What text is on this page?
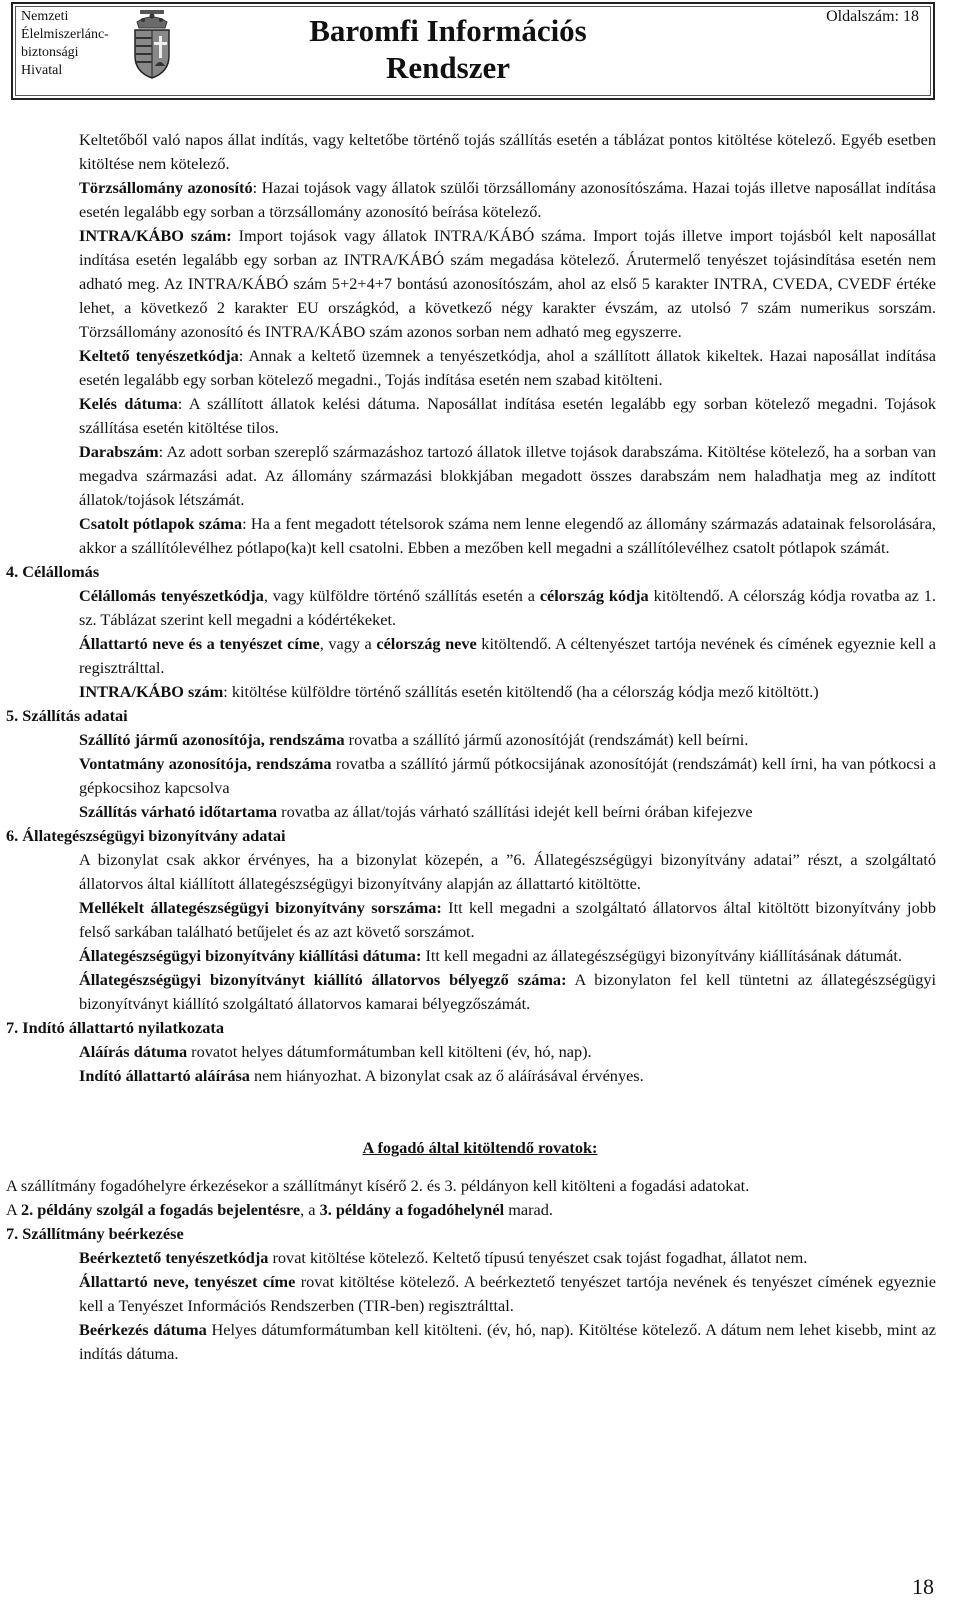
Nemzeti
Élelmiszerlánc-
biztonsági
Hivatal
Baromfi Információs
Rendszer
Oldalszám: 18

Keltetőből való napos állat indítás, vagy keltetőbe történő tojás szállítás esetén a táblázat pontos kitöltése kötelező. Egyéb esetben kitöltése nem kötelező.

Törzsállomány azonosító: Hazai tojások vagy állatok szülői törzsállomány azonosítószáma. Hazai tojás illetve naposállat indítása esetén legalább egy sorban a törzsállomány azonosító beírása kötelező.

INTRA/KÁBO szám: Import tojások vagy állatok INTRA/KÁBÓ száma. Import tojás illetve import tojásból kelt naposállat indítása esetén legalább egy sorban az INTRA/KÁBÓ szám megadása kötelező. Árutermelő tenyészet tojásindítása esetén nem adható meg. Az INTRA/KÁBÓ szám 5+2+4+7 bontású azonosítószám, ahol az első 5 karakter INTRA, CVEDA, CVEDF értéke lehet, a következő 2 karakter EU országkód, a következő négy karakter évszám, az utolsó 7 szám numerikus sorszám. Törzsállomány azonosító és INTRA/KÁBO szám azonos sorban nem adható meg egyszerre.

Keltető tenyészetkódja: Annak a keltető üzemnek a tenyészetkódja, ahol a szállított állatok kikeltek. Hazai naposállat indítása esetén legalább egy sorban kötelező megadni., Tojás indítása esetén nem szabad kitölteni.

Kelés dátuma: A szállított állatok kelési dátuma. Naposállat indítása esetén legalább egy sorban kötelező megadni. Tojások szállítása esetén kitöltése tilos.

Darabszám: Az adott sorban szereplő származáshoz tartozó állatok illetve tojások darabszáma. Kitöltése kötelező, ha a sorban van megadva származási adat. Az állomány származási blokkjában megadott összes darabszám nem haladhatja meg az indított állatok/tojások létszámát.

Csatolt pótlapok száma: Ha a fent megadott tételsorok száma nem lenne elegendő az állomány származás adatainak felsorolására, akkor a szállítólevélhez pótlapo(ka)t kell csatolni. Ebben a mezőben kell megadni a szállítólevélhez csatolt pótlapok számát.

4. Célállomás

Célállomás tenyészetkódja, vagy külföldre történő szállítás esetén a célország kódja kitöltendő. A célország kódja rovatba az 1. sz. Táblázat szerint kell megadni a kódértékeket.

Állattartó neve és a tenyészet címe, vagy a célország neve kitöltendő. A céltenyészet tartója nevének és címének egyeznie kell a regisztrálttal.

INTRA/KÁBO szám: kitöltése külföldre történő szállítás esetén kitöltendő (ha a célország kódja mező kitöltött.)

5. Szállítás adatai

Szállító jármű azonosítója, rendszáma rovatba a szállító jármű azonosítóját (rendszámát) kell beírni.

Vontatmány azonosítója, rendszáma rovatba a szállító jármű pótkocsijának azonosítóját (rendszámát) kell írni, ha van pótkocsi a gépkocsihoz kapcsolva

Szállítás várható időtartama rovatba az állat/tojás várható szállítási idejét kell beírni órában kifejezve

6. Állategészségügyi bizonyítvány adatai

A bizonylat csak akkor érvényes, ha a bizonylat közepén, a ”6. Állategészségügyi bizonyítvány adatai” részt, a szolgáltató állatorvos által kiállított állategészségügyi bizonyítvány alapján az állattartó kitöltötte.

Mellékelt állategészségügyi bizonyítvány sorszáma: Itt kell megadni a szolgáltató állatorvos által kitöltött bizonyítvány jobb felső sarkában található betűjelet és az azt követő sorszámot.

Állategészségügyi bizonyítvány kiállítási dátuma: Itt kell megadni az állategészségügyi bizonyítvány kiállításának dátumát.

Állategészségügyi bizonyítványt kiállító állatorvos bélyegző száma: A bizonylaton fel kell tüntetni az állategészségügyi bizonyítványt kiállító szolgáltató állatorvos kamarai bélyegzőszámát.

7. Indító állattartó nyilatkozata

Aláírás dátuma rovatot helyes dátumformátumban kell kitölteni (év, hó, nap).

Indító állattartó aláírása nem hiányozhat. A bizonylat csak az ő aláírásával érvényes.

A fogadó által kitöltendő rovatok:

A szállítmány fogadóhelyre érkezésekor a szállítmányt kísérő 2. és 3. példányon kell kitölteni a fogadási adatokat.

A 2. példány szolgál a fogadás bejelentésre, a 3. példány a fogadóhelynél marad.

7. Szállítmány beérkezése

Beérkeztető tenyészetkódja rovat kitöltése kötelező. Keltető típusú tenyészet csak tojást fogadhat, állatot nem.

Állattartó neve, tenyészet címe rovat kitöltése kötelező. A beérkeztető tenyészet tartója nevének és tenyészet címének egyeznie kell a Tenyészet Információs Rendszerben (TIR-ben) regisztrálttal.

Beérkezés dátuma Helyes dátumformátumban kell kitölteni. (év, hó, nap). Kitöltése kötelező. A dátum nem lehet kisebb, mint az indítás dátuma.

18
